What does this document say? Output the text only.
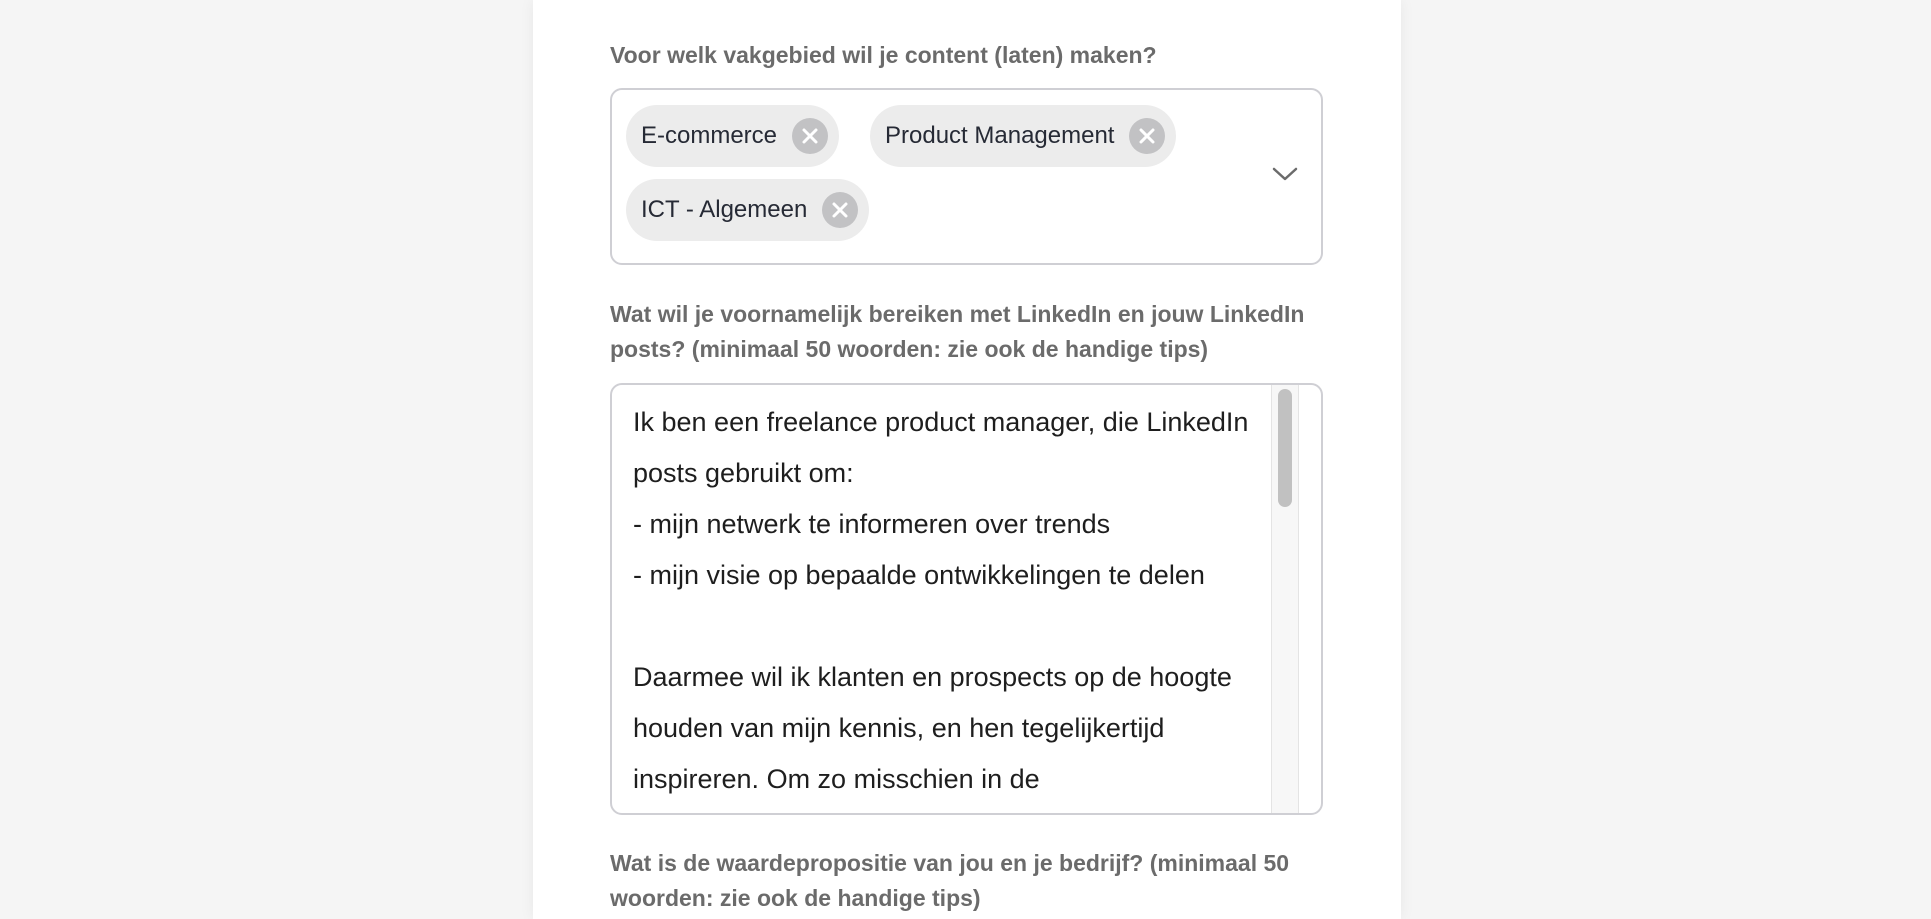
Voor welk vakgebied wil je content (laten) maken?
E-commerce	Product Management
ICT - Algemeen
Wat wil je voornamelijk bereiken met LinkedIn en jouw LinkedIn posts? (minimaal 50 woorden: zie ook de handige tips)
Ik ben een freelance product manager, die LinkedIn posts gebruikt om:
- mijn netwerk te informeren over trends
- mijn visie op bepaalde ontwikkelingen te delen

Daarmee wil ik klanten en prospects op de hoogte houden van mijn kennis, en hen tegelijkertijd inspireren. Om zo misschien in de
Wat is de waardepropositie van jou en je bedrijf? (minimaal 50 woorden: zie ook de handige tips)
